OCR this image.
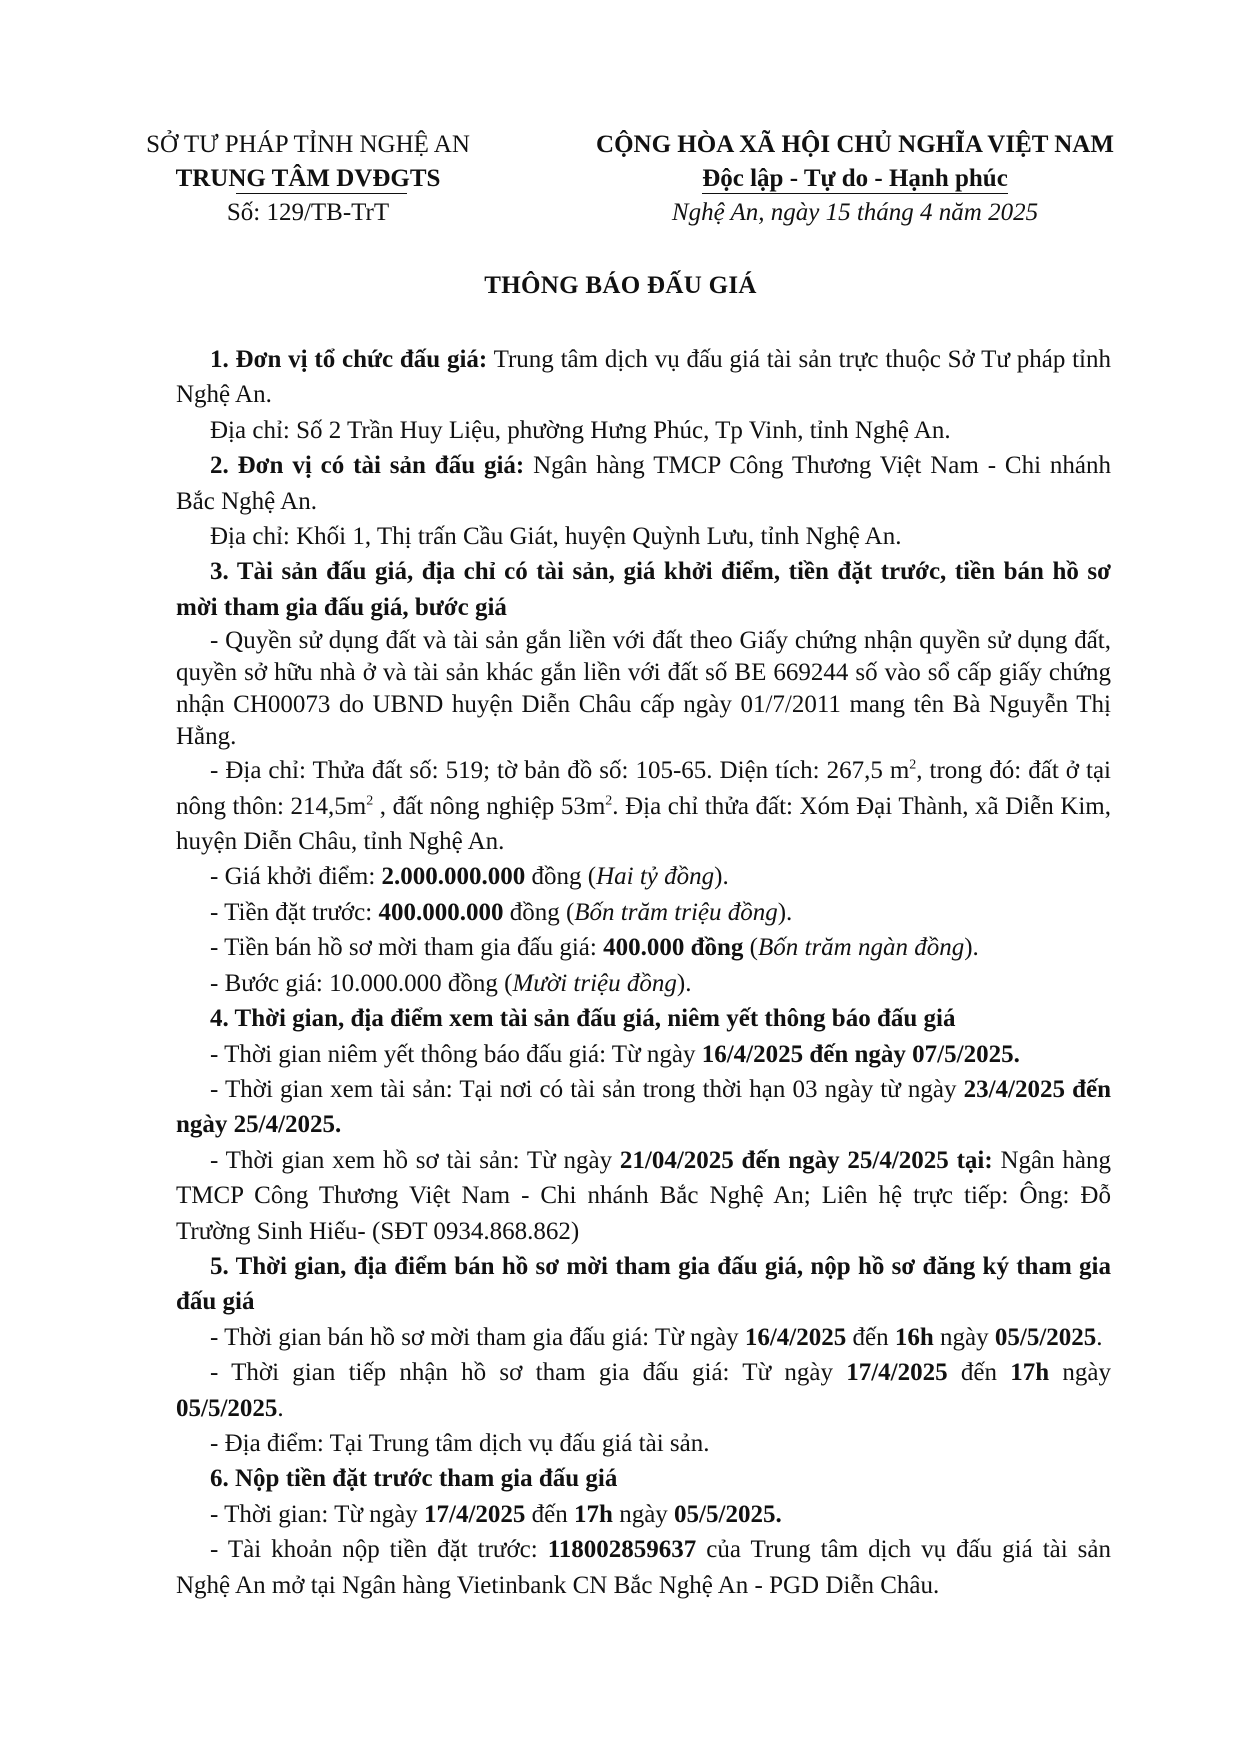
SỞ TƯ PHÁP TỈNH NGHỆ AN
TRUNG TÂM DVĐGTS
Số: 129/TB-TrT
CỘNG HÒA XÃ HỘI CHỦ NGHĨA VIỆT NAM
Độc lập - Tự do - Hạnh phúc
Nghệ An, ngày 15 tháng 4 năm 2025
THÔNG BÁO ĐẤU GIÁ

1. Đơn vị tổ chức đấu giá: Trung tâm dịch vụ đấu giá tài sản trực thuộc Sở Tư pháp tỉnh Nghệ An.

Địa chỉ: Số 2 Trần Huy Liệu, phường Hưng Phúc, Tp Vinh, tỉnh Nghệ An.

2. Đơn vị có tài sản đấu giá: Ngân hàng TMCP Công Thương Việt Nam - Chi nhánh Bắc Nghệ An.

Địa chỉ: Khối 1, Thị trấn Cầu Giát, huyện Quỳnh Lưu, tỉnh Nghệ An.

3. Tài sản đấu giá, địa chỉ có tài sản, giá khởi điểm, tiền đặt trước, tiền bán hồ sơ mời tham gia đấu giá, bước giá

- Quyền sử dụng đất và tài sản gắn liền với đất theo Giấy chứng nhận quyền sử dụng đất, quyền sở hữu nhà ở và tài sản khác gắn liền với đất số BE 669244 số vào sổ cấp giấy chứng nhận CH00073 do UBND huyện Diễn Châu cấp ngày 01/7/2011 mang tên Bà Nguyễn Thị Hằng.

- Địa chỉ: Thửa đất số: 519; tờ bản đồ số: 105-65. Diện tích: 267,5 $m^2$, trong đó: đất ở tại nông thôn: $214,5m^2$ , đất nông nghiệp $53m^2$. Địa chỉ thửa đất: Xóm Đại Thành, xã Diễn Kim, huyện Diễn Châu, tỉnh Nghệ An.

- Giá khởi điểm: 2.000.000.000 đồng (Hai tỷ đồng).

- Tiền đặt trước: 400.000.000 đồng (Bốn trăm triệu đồng).

- Tiền bán hồ sơ mời tham gia đấu giá: 400.000 đồng (Bốn trăm ngàn đồng).

- Bước giá: 10.000.000 đồng (Mười triệu đồng).

4. Thời gian, địa điểm xem tài sản đấu giá, niêm yết thông báo đấu giá

- Thời gian niêm yết thông báo đấu giá: Từ ngày 16/4/2025 đến ngày 07/5/2025.

- Thời gian xem tài sản: Tại nơi có tài sản trong thời hạn 03 ngày từ ngày 23/4/2025 đến ngày 25/4/2025.

- Thời gian xem hồ sơ tài sản: Từ ngày 21/04/2025 đến ngày 25/4/2025 tại: Ngân hàng TMCP Công Thương Việt Nam - Chi nhánh Bắc Nghệ An; Liên hệ trực tiếp: Ông: Đỗ Trường Sinh Hiếu- (SĐT 0934.868.862)

5. Thời gian, địa điểm bán hồ sơ mời tham gia đấu giá, nộp hồ sơ đăng ký tham gia đấu giá

- Thời gian bán hồ sơ mời tham gia đấu giá: Từ ngày 16/4/2025 đến 16h ngày 05/5/2025.

- Thời gian tiếp nhận hồ sơ tham gia đấu giá: Từ ngày 17/4/2025 đến 17h ngày 05/5/2025.

- Địa điểm: Tại Trung tâm dịch vụ đấu giá tài sản.

6. Nộp tiền đặt trước tham gia đấu giá

- Thời gian: Từ ngày 17/4/2025 đến 17h ngày 05/5/2025.

- Tài khoản nộp tiền đặt trước: 118002859637 của Trung tâm dịch vụ đấu giá tài sản Nghệ An mở tại Ngân hàng Vietinbank CN Bắc Nghệ An - PGD Diễn Châu.
